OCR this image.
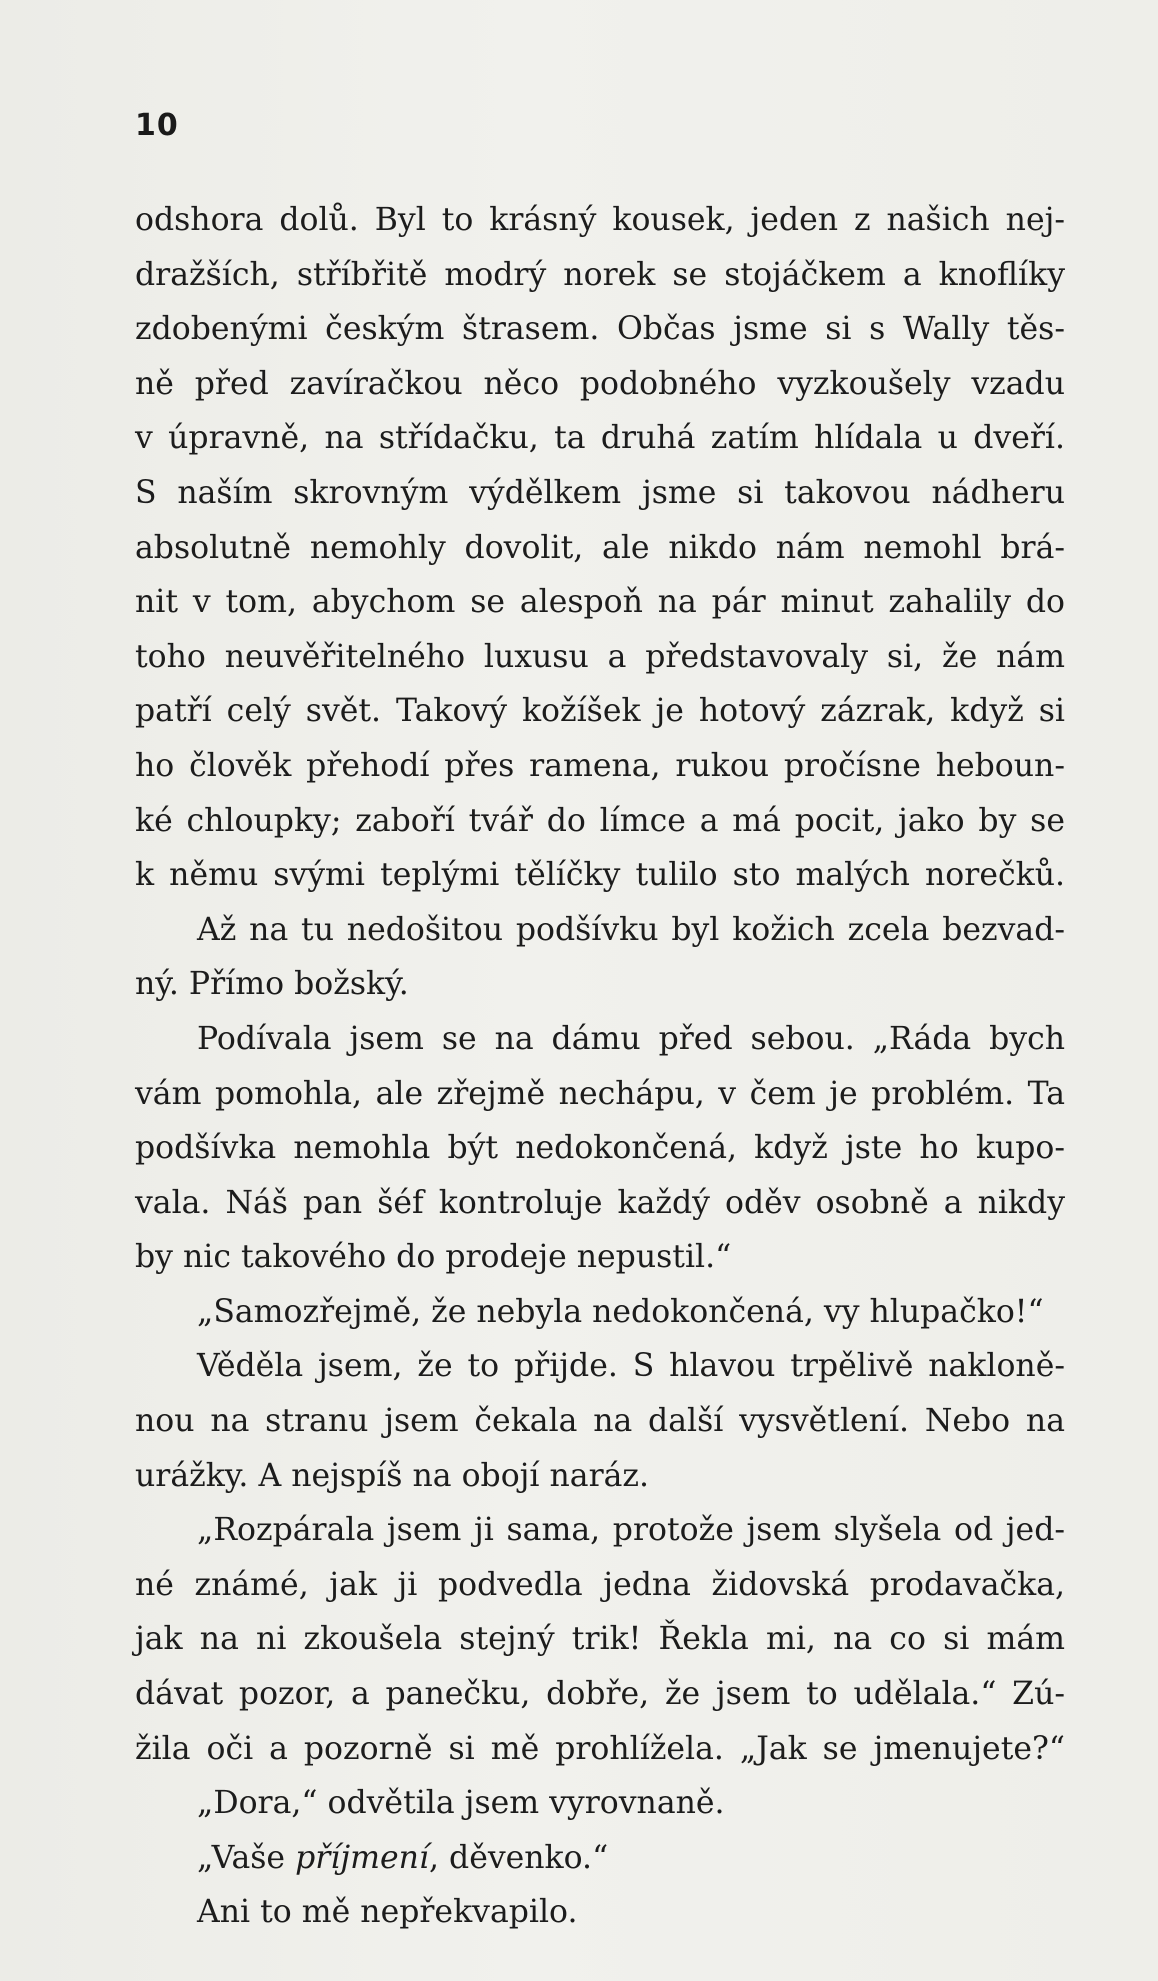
10
odshora dolů. Byl to krásný kousek, jeden z našich nej-
dražších, stříbřitě modrý norek se stojáčkem a knoflíky
zdobenými českým štrasem. Občas jsme si s Wally těs-
ně před zavíračkou něco podobného vyzkoušely vzadu
v úpravně, na střídačku, ta druhá zatím hlídala u dveří.
S naším skrovným výdělkem jsme si takovou nádheru
absolutně nemohly dovolit, ale nikdo nám nemohl brá-
nit v tom, abychom se alespoň na pár minut zahalily do
toho neuvěřitelného luxusu a představovaly si, že nám
patří celý svět. Takový kožíšek je hotový zázrak, když si
ho člověk přehodí přes ramena, rukou pročísne heboun-
ké chloupky; zaboří tvář do límce a má pocit, jako by se
k němu svými teplými tělíčky tulilo sto malých norečků.
Až na tu nedošitou podšívku byl kožich zcela bezvad-
ný. Přímo božský.
Podívala jsem se na dámu před sebou. „Ráda bych
vám pomohla, ale zřejmě nechápu, v čem je problém. Ta
podšívka nemohla být nedokončená, když jste ho kupo-
vala. Náš pan šéf kontroluje každý oděv osobně a nikdy
by nic takového do prodeje nepustil.“
„Samozřejmě, že nebyla nedokončená, vy hlupačko!“
Věděla jsem, že to přijde. S hlavou trpělivě nakloně-
nou na stranu jsem čekala na další vysvětlení. Nebo na
urážky. A nejspíš na obojí naráz.
„Rozpárala jsem ji sama, protože jsem slyšela od jed-
né známé, jak ji podvedla jedna židovská prodavačka,
jak na ni zkoušela stejný trik! Řekla mi, na co si mám
dávat pozor, a panečku, dobře, že jsem to udělala.“ Zú-
žila oči a pozorně si mě prohlížela. „Jak se jmenujete?“
„Dora,“ odvětila jsem vyrovnaně.
„Vaše příjmení, děvenko.“
Ani to mě nepřekvapilo.
